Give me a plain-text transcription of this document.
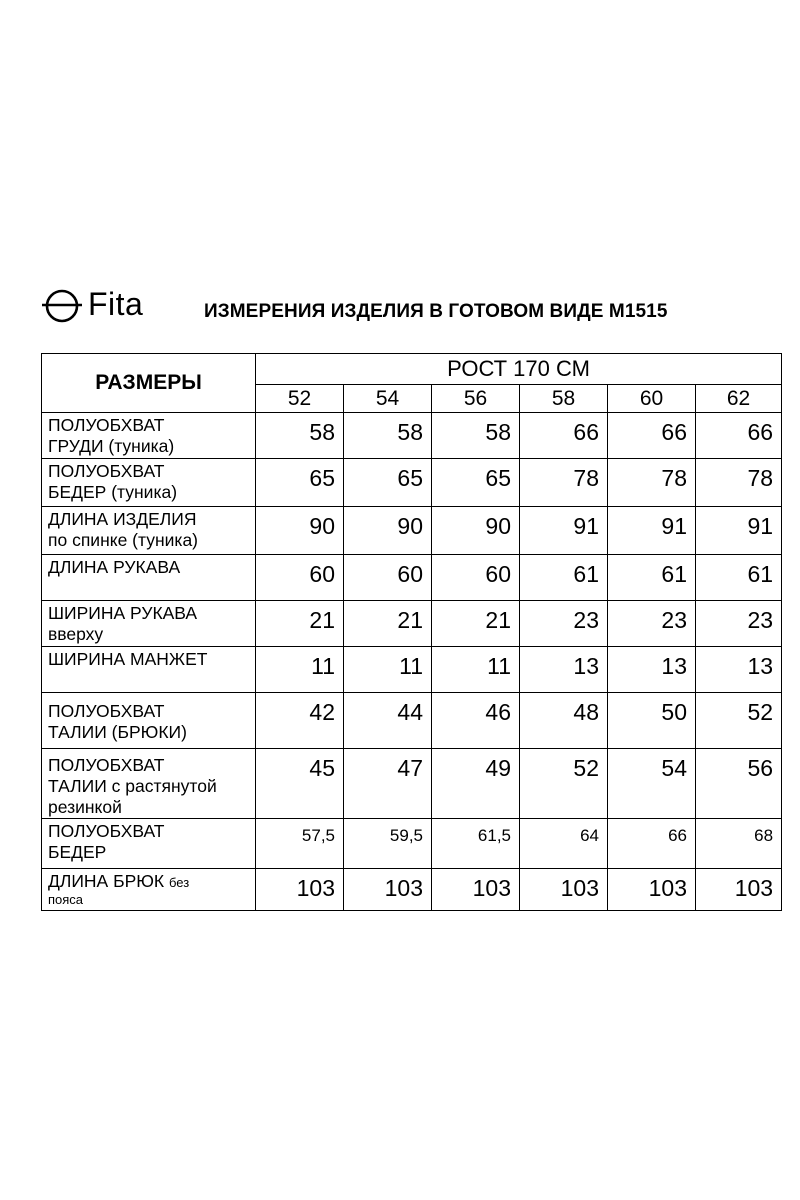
Fita	ИЗМЕРЕНИЯ ИЗДЕЛИЯ В ГОТОВОМ ВИДЕ М1515
РАЗМЕРЫ	РОСТ 170 СМ					
	52	54	56	58	60	62

ПОЛУОБХВАТ
ГРУДИ (туника)	58	58	58	66	66	66

ПОЛУОБХВАТ
БЕДЕР (туника)	65	65	65	78	78	78

ДЛИНА ИЗДЕЛИЯ
по спинке (туника)	90	90	90	91	91	91

ДЛИНА РУКАВА	60	60	60	61	61	61

ШИРИНА РУКАВА
вверху	21	21	21	23	23	23

ШИРИНА МАНЖЕТ	11	11	11	13	13	13

ПОЛУОБХВАТ
ТАЛИИ (БРЮКИ)	42	44	46	48	50	52

ПОЛУОБХВАТ
ТАЛИИ с растянутой
резинкой	45	47	49	52	54	56

ПОЛУОБХВАТ
БЕДЕР	57,5	59,5	61,5	64	66	68
ДЛИНА БРЮК без
пояса	103	103	103	103	103	103
